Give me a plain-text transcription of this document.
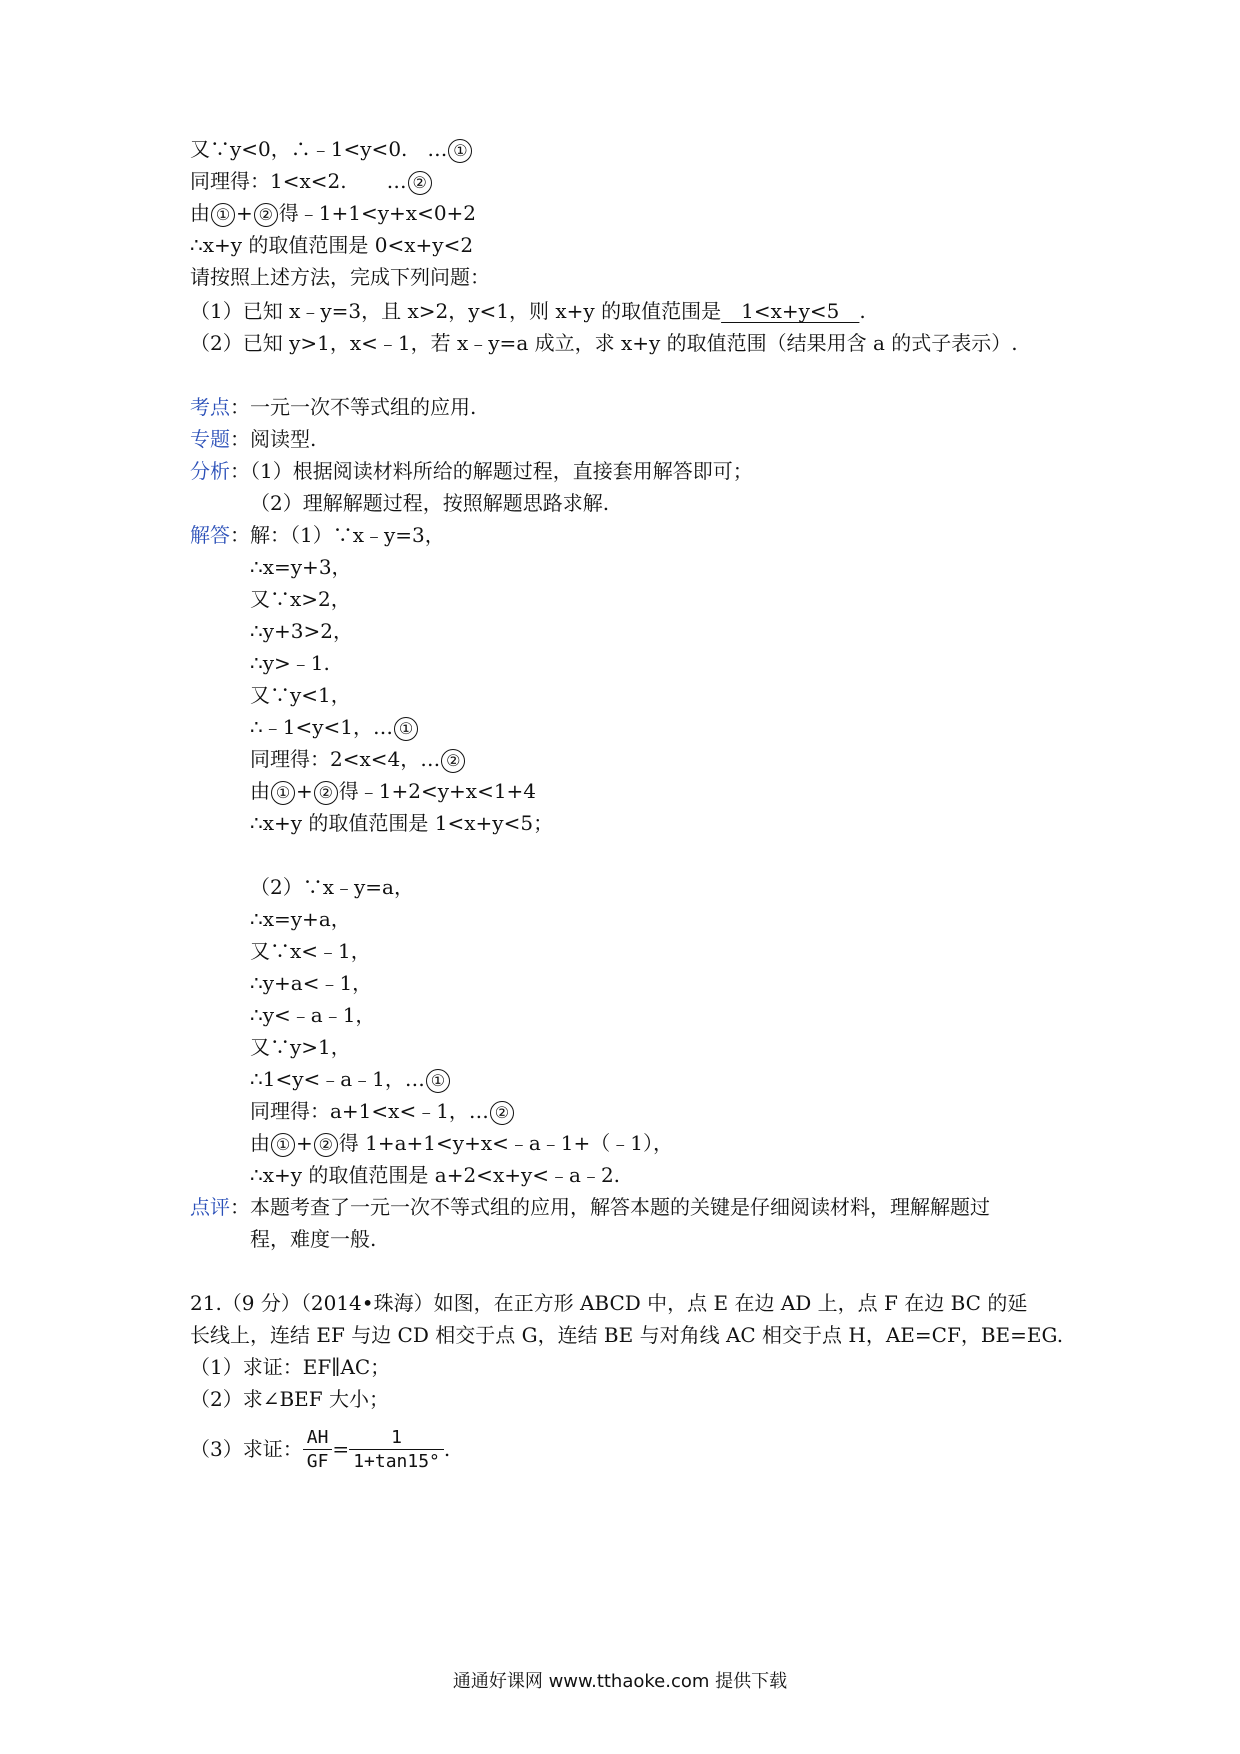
又∵y<0，∴﹣1<y<0.　… ①
同理得：1<x<2.　　… ②
由 ① + ② 得﹣1+1<y+x<0+2
∴x+y 的取值范围是 0<x+y<2
请按照上述方法，完成下列问题：
（1）已知 x﹣y=3，且 x>2，y<1，则 x+y 的取值范围是　1<x+y<5　.
（2）已知 y>1，x<﹣1，若 x﹣y=a 成立，求 x+y 的取值范围（结果用含 a 的式子表示）.
考点：一元一次不等式组的应用.
专题：阅读型.
分析：（1）根据阅读材料所给的解题过程，直接套用解答即可；
（2）理解解题过程，按照解题思路求解.
解答：解：（1）∵x﹣y=3，
∴x=y+3，
又∵x>2，
∴y+3>2，
∴y>﹣1.
又∵y<1，
∴﹣1<y<1，… ①
同理得：2<x<4，… ②
由 ① + ② 得﹣1+2<y+x<1+4
∴x+y 的取值范围是 1<x+y<5；
（2）∵x﹣y=a，
∴x=y+a，
又∵x<﹣1，
∴y+a<﹣1，
∴y<﹣a﹣1，
又∵y>1，
∴1<y<﹣a﹣1，… ①
同理得：a+1<x<﹣1，… ②
由 ① + ② 得 1+a+1<y+x<﹣a﹣1+（﹣1），
∴x+y 的取值范围是 a+2<x+y<﹣a﹣2.
点评：本题考查了一元一次不等式组的应用，解答本题的关键是仔细阅读材料，理解解题过
程，难度一般.
21.（9 分）（2014•珠海）如图，在正方形 ABCD 中，点 E 在边 AD 上，点 F 在边 BC 的延
长线上，连结 EF 与边 CD 相交于点 G，连结 BE 与对角线 AC 相交于点 H，AE=CF，BE=EG.
（1）求证：EF∥AC；
（2）求∠BEF 大小；
（3）求证： $\frac{AH}{GF} = \frac{1}{1+\tan 15^\circ}$ .
通通好课网 www.tthaoke.com 提供下载
